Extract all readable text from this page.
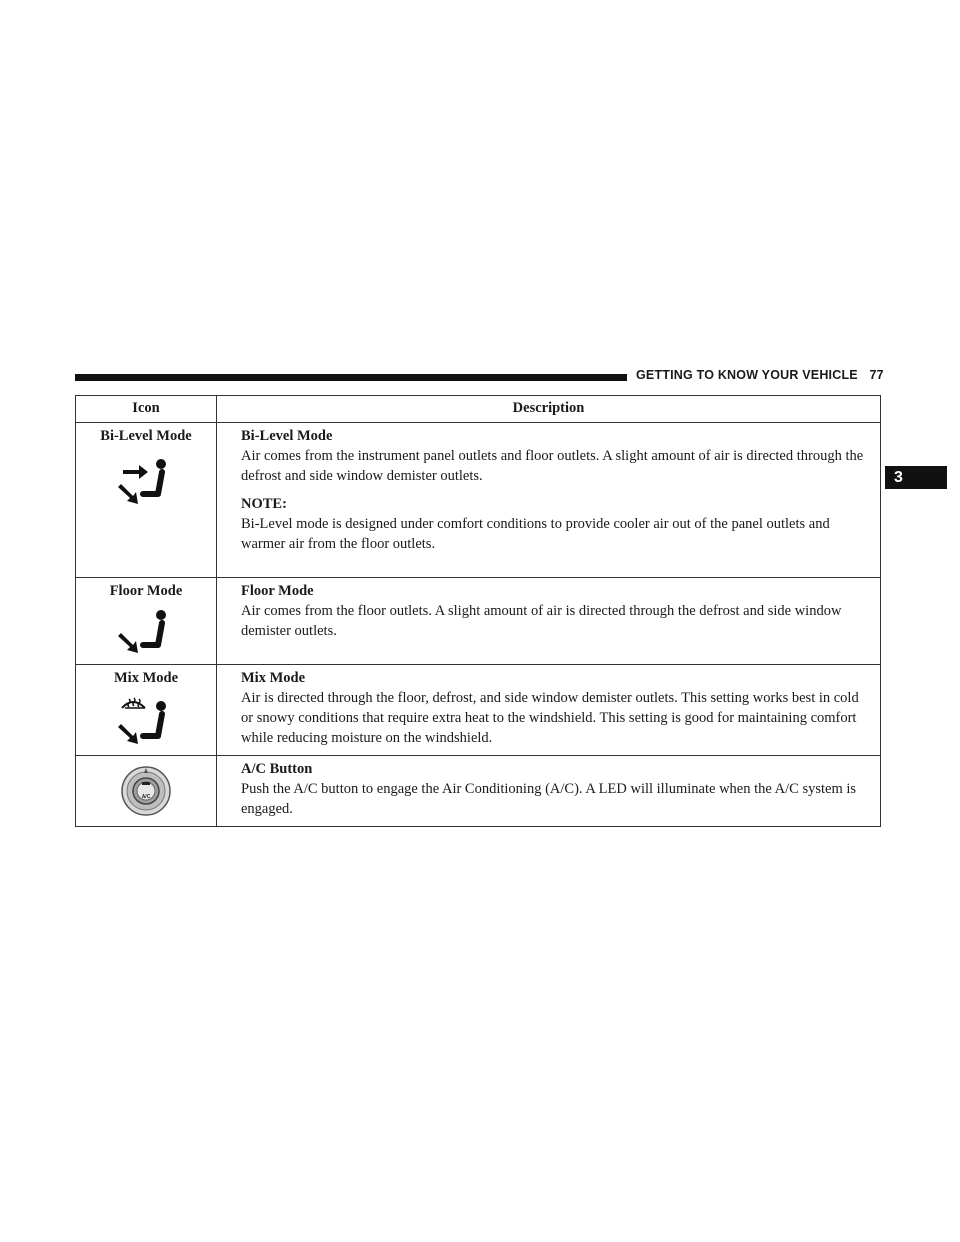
GETTING TO KNOW YOUR VEHICLE 77
3
Icon	Description

Bi-Level Mode	Bi-Level Mode
Air comes from the instrument panel outlets and floor outlets. A slight amount of air is directed through the defrost and side window demister outlets.
NOTE:
Bi-Level mode is designed under comfort conditions to provide cooler air out of the panel outlets and warmer air from the floor outlets.

Floor Mode	Floor Mode
Air comes from the floor outlets. A slight amount of air is directed through the defrost and side window demister outlets.

Mix Mode	Mix Mode
Air is directed through the floor, defrost, and side window demister outlets. This setting works best in cold or snowy conditions that require extra heat to the windshield. This setting is good for maintaining comfort while reducing moisture on the windshield.

A/C	A/C Button
Push the A/C button to engage the Air Conditioning (A/C). A LED will illuminate when the A/C system is engaged.
